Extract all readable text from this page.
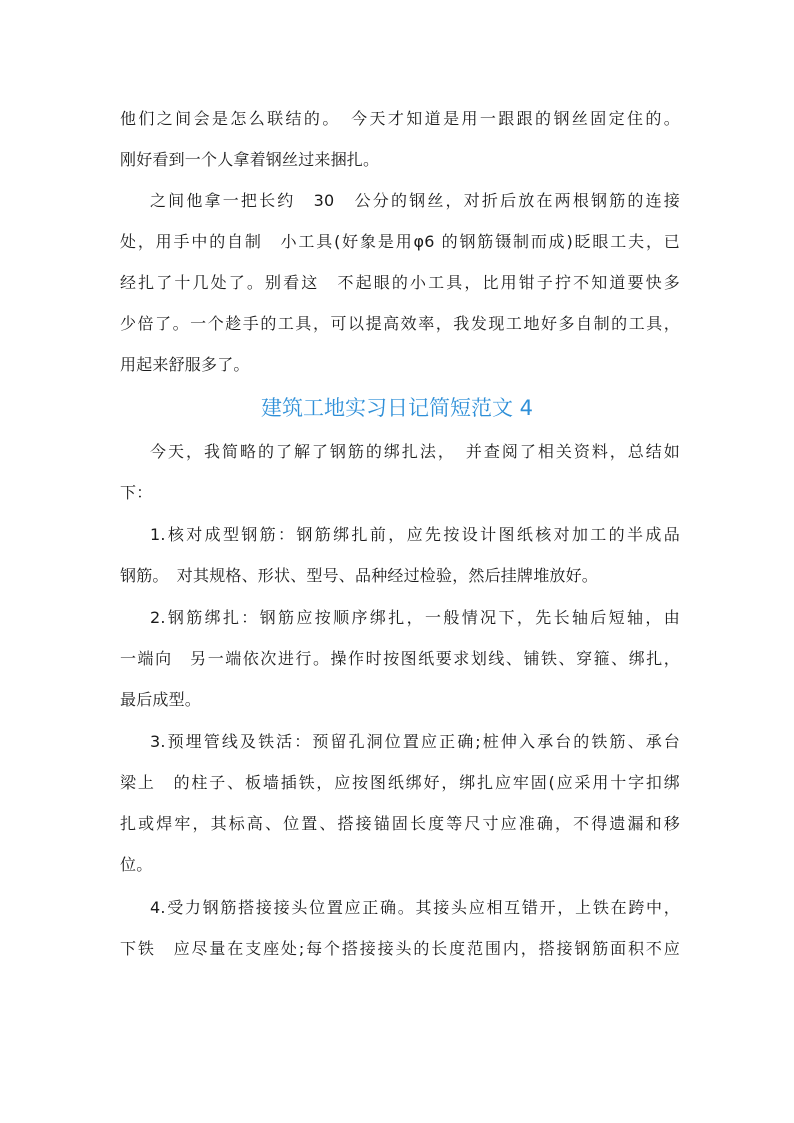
他们之间会是怎么联结的。　今天才知道是用一跟跟的钢丝固定住的。
刚好看到一个人拿着钢丝过来捆扎。
之间他拿一把长约　30　公分的钢丝，对折后放在两根钢筋的连接
处，用手中的自制　小工具(好象是用φ6 的钢筋镊制而成)眨眼工夫，已
经扎了十几处了。别看这　不起眼的小工具，比用钳子拧不知道要快多
少倍了。一个趁手的工具，可以提高效率，我发现工地好多自制的工具，
用起来舒服多了。
建筑工地实习日记简短范文 4
今天，我简略的了解了钢筋的绑扎法，　并查阅了相关资料，总结如
下：
1.核对成型钢筋：钢筋绑扎前，应先按设计图纸核对加工的半成品
钢筋。　对其规格、形状、型号、品种经过检验，然后挂牌堆放好。
2.钢筋绑扎：钢筋应按顺序绑扎，一般情况下，先长轴后短轴，由
一端向　另一端依次进行。操作时按图纸要求划线、铺铁、穿箍、绑扎，
最后成型。
3.预埋管线及铁活：预留孔洞位置应正确;桩伸入承台的铁筋、承台
梁上　的柱子、板墙插铁，应按图纸绑好，绑扎应牢固(应采用十字扣绑
扎或焊牢，其标高、位置、搭接锚固长度等尺寸应准确，不得遗漏和移
位。
4.受力钢筋搭接接头位置应正确。其接头应相互错开，上铁在跨中，
下铁　应尽量在支座处;每个搭接接头的长度范围内，搭接钢筋面积不应
